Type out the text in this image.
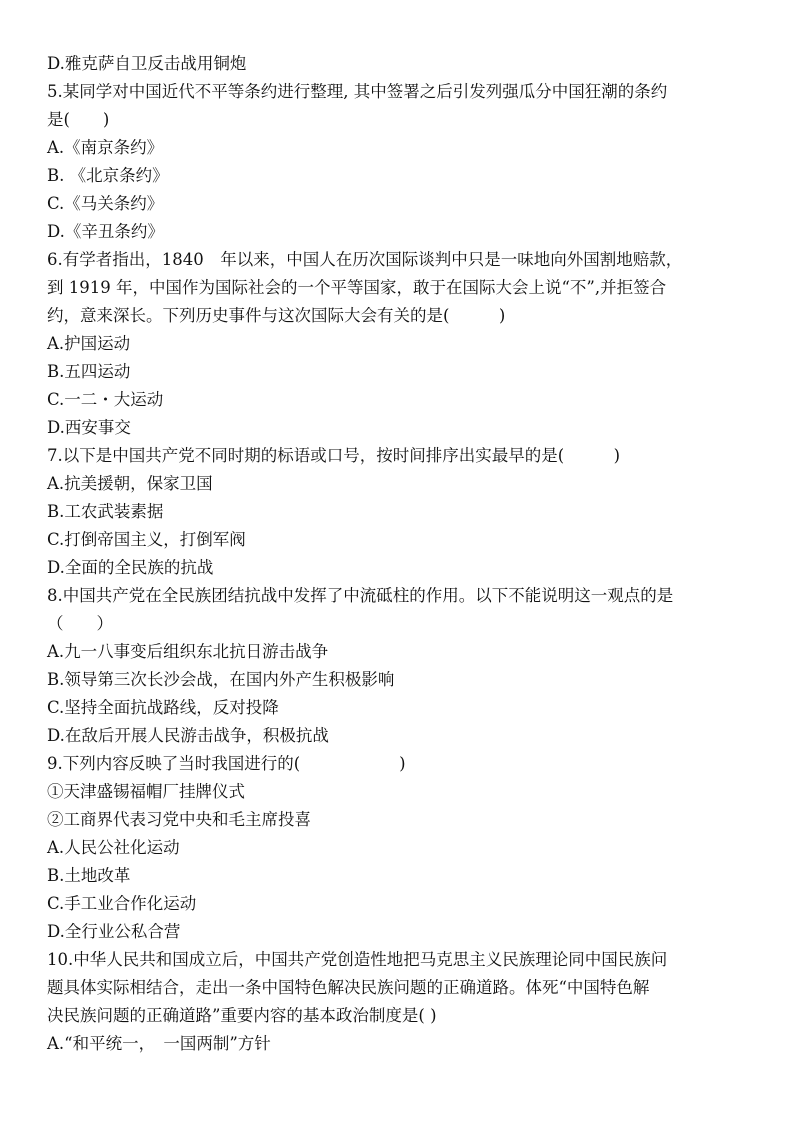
D.雅克萨自卫反击战用铜炮
5.某同学对中国近代不平等条约进行整理, 其中签署之后引发列强瓜分中国狂潮的条约
是(　　)
A.《南京条约》
B. 《北京条约》
C.《马关条约》
D.《辛丑条约》
6.有学者指出，1840　年以来，中国人在历次国际谈判中只是一味地向外国割地赔款，
到 1919 年，中国作为国际社会的一个平等国家，敢于在国际大会上说“不”,并拒签合
约，意来深长。下列历史事件与这次国际大会有关的是(　　　)
A.护国运动
B.五四运动
C.一二・大运动
D.西安事交
7.以下是中国共产党不同时期的标语或口号，按时间排序出实最早的是(　　　)
A.抗美援朝，保家卫国
B.工农武装素据
C.打倒帝国主义，打倒军阀
D.全面的全民族的抗战
8.中国共产党在全民族团结抗战中发挥了中流砥柱的作用。以下不能说明这一观点的是
（　　）
A.九一八事变后组织东北抗日游击战争
B.领导第三次长沙会战，在国内外产生积极影响
C.坚持全面抗战路线，反对投降
D.在敌后开展人民游击战争，积极抗战
9.下列内容反映了当时我国进行的(　　　　　　)
①天津盛锡福帽厂挂牌仪式
②工商界代表习党中央和毛主席投喜
A.人民公社化运动
B.土地改革
C.手工业合作化运动
D.全行业公私合营
10.中华人民共和国成立后，中国共产党创造性地把马克思主义民族理论同中国民族问
题具体实际相结合，走出一条中国特色解决民族问题的正确道路。体死“中国特色解
决民族问题的正确道路”重要内容的基本政治制度是( )
A.“和平统一，　一国两制”方针
